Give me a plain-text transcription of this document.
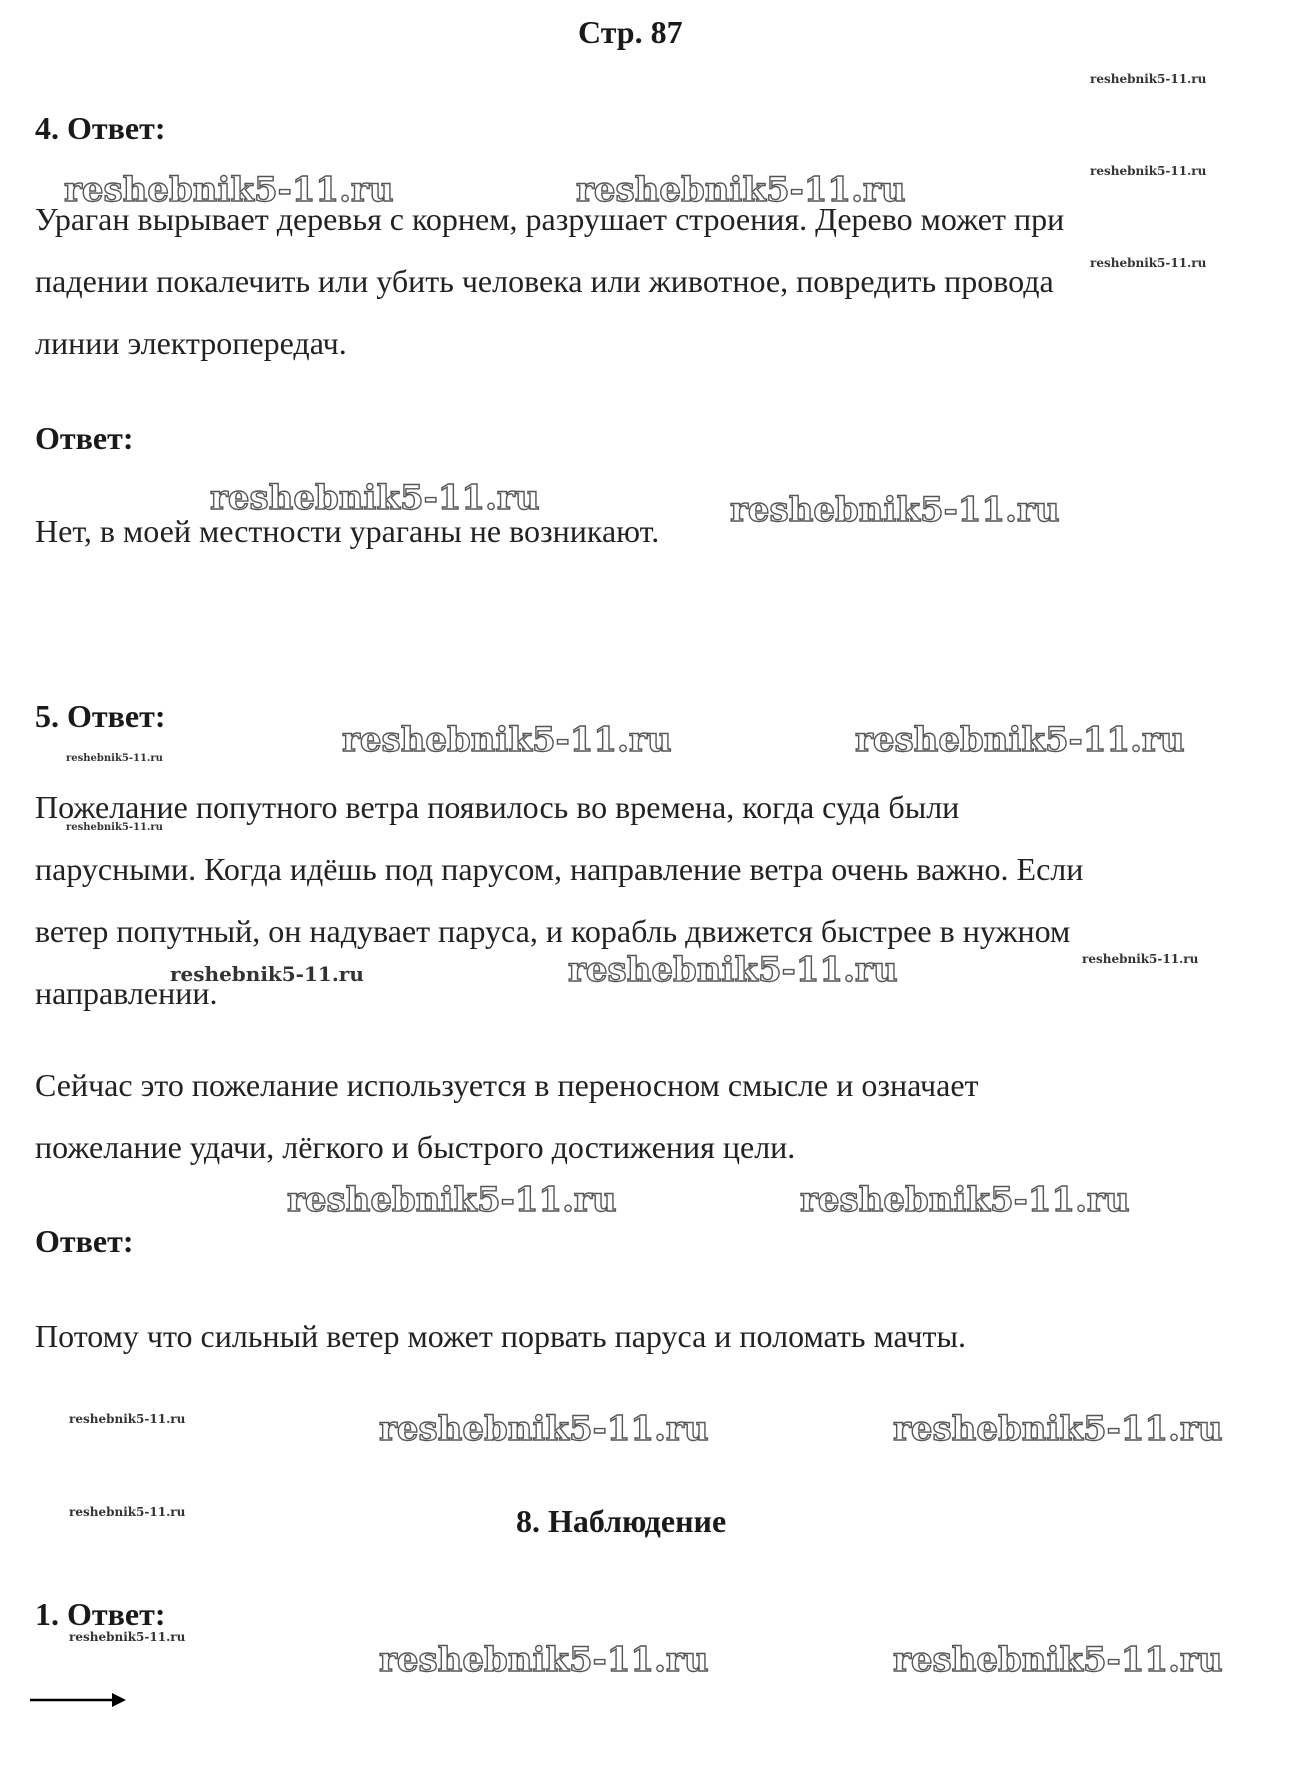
Стр. 87
reshebnik5-11.ru
reshebnik5-11.ru
reshebnik5-11.ru
4. Ответ:
reshebnik5-11.ru	reshebnik5-11.ru
Ураган вырывает деревья с корнем, разрушает строения. Дерево может при
падении покалечить или убить человека или животное, повредить провода
линии электропередач.
Ответ:
reshebnik5-11.ru	reshebnik5-11.ru
Нет, в моей местности ураганы не возникают.
5. Ответ:
reshebnik5-11.ru	reshebnik5-11.ru
reshebnik5-11.ru
reshebnik5-11.ru
Пожелание попутного ветра появилось во времена, когда суда были
парусными. Когда идёшь под парусом, направление ветра очень важно. Если
ветер попутный, он надувает паруса, и корабль движется быстрее в нужном
reshebnik5-11.ru	reshebnik5-11.ru	reshebnik5-11.ru
направлении.
Сейчас это пожелание используется в переносном смысле и означает
пожелание удачи, лёгкого и быстрого достижения цели.
reshebnik5-11.ru	reshebnik5-11.ru
Ответ:
Потому что сильный ветер может порвать паруса и поломать мачты.
reshebnik5-11.ru	reshebnik5-11.ru	reshebnik5-11.ru
reshebnik5-11.ru	8. Наблюдение
1. Ответ:
reshebnik5-11.ru
reshebnik5-11.ru	reshebnik5-11.ru
